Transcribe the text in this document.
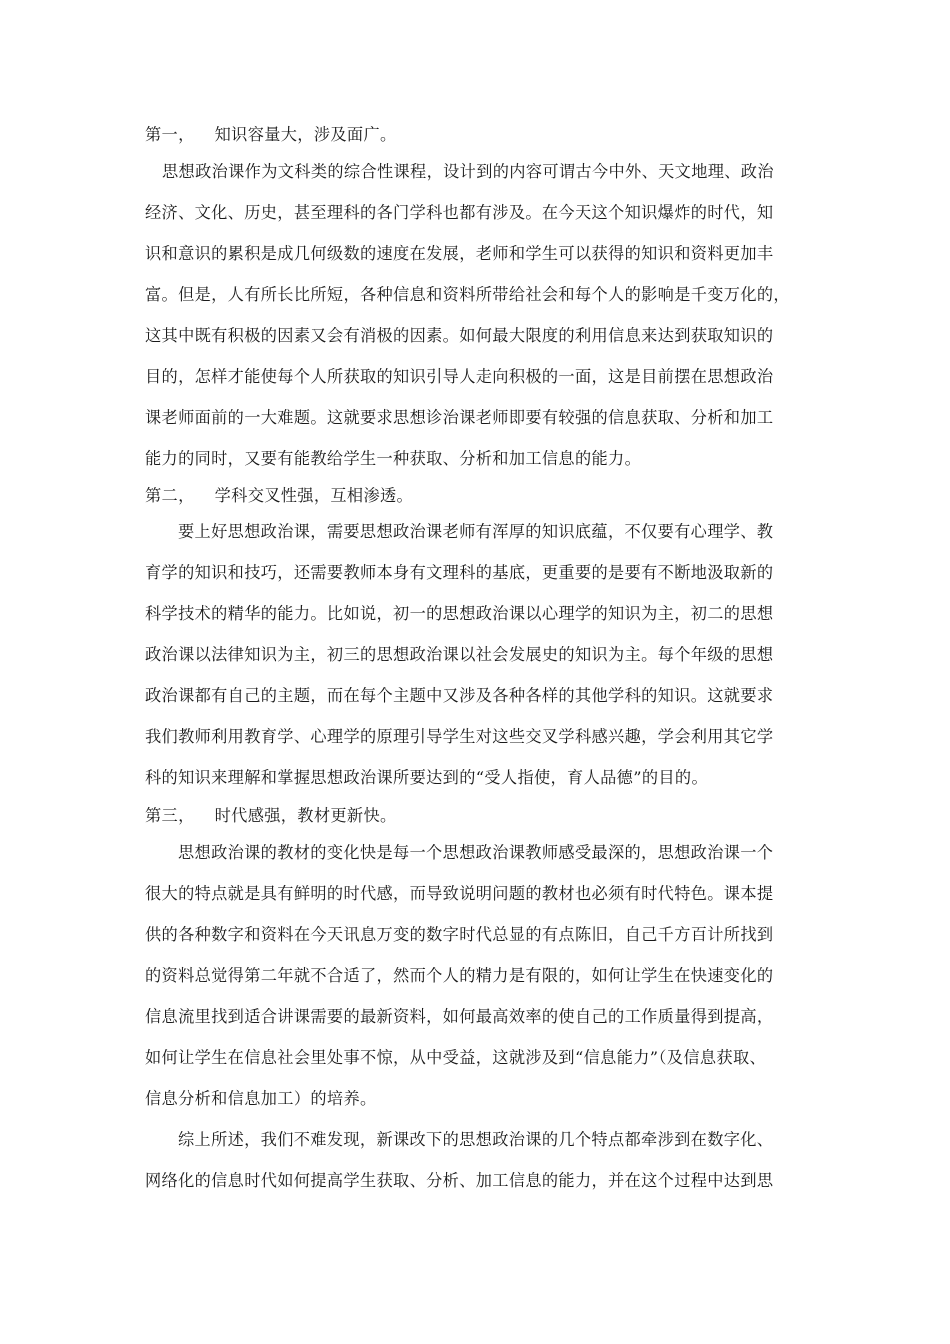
第一， 知识容量大，涉及面广。
思想政治课作为文科类的综合性课程，设计到的内容可谓古今中外、天文地理、政治
经济、文化、历史，甚至理科的各门学科也都有涉及。在今天这个知识爆炸的时代，知
识和意识的累积是成几何级数的速度在发展，老师和学生可以获得的知识和资料更加丰
富。但是，人有所长比所短，各种信息和资料所带给社会和每个人的影响是千变万化的，
这其中既有积极的因素又会有消极的因素。如何最大限度的利用信息来达到获取知识的
目的，怎样才能使每个人所获取的知识引导人走向积极的一面，这是目前摆在思想政治
课老师面前的一大难题。这就要求思想诊治课老师即要有较强的信息获取、分析和加工
能力的同时，又要有能教给学生一种获取、分析和加工信息的能力。
第二， 学科交叉性强，互相渗透。
要上好思想政治课，需要思想政治课老师有浑厚的知识底蕴，不仅要有心理学、教
育学的知识和技巧，还需要教师本身有文理科的基底，更重要的是要有不断地汲取新的
科学技术的精华的能力。比如说，初一的思想政治课以心理学的知识为主，初二的思想
政治课以法律知识为主，初三的思想政治课以社会发展史的知识为主。每个年级的思想
政治课都有自己的主题，而在每个主题中又涉及各种各样的其他学科的知识。这就要求
我们教师利用教育学、心理学的原理引导学生对这些交叉学科感兴趣，学会利用其它学
科的知识来理解和掌握思想政治课所要达到的“受人指使，育人品德”的目的。
第三， 时代感强，教材更新快。
思想政治课的教材的变化快是每一个思想政治课教师感受最深的，思想政治课一个
很大的特点就是具有鲜明的时代感，而导致说明问题的教材也必须有时代特色。课本提
供的各种数字和资料在今天讯息万变的数字时代总显的有点陈旧，自己千方百计所找到
的资料总觉得第二年就不合适了，然而个人的精力是有限的，如何让学生在快速变化的
信息流里找到适合讲课需要的最新资料，如何最高效率的使自己的工作质量得到提高，
如何让学生在信息社会里处事不惊，从中受益，这就涉及到“信息能力”（及信息获取、
信息分析和信息加工）的培养。
综上所述，我们不难发现，新课改下的思想政治课的几个特点都牵涉到在数字化、
网络化的信息时代如何提高学生获取、分析、加工信息的能力，并在这个过程中达到思
